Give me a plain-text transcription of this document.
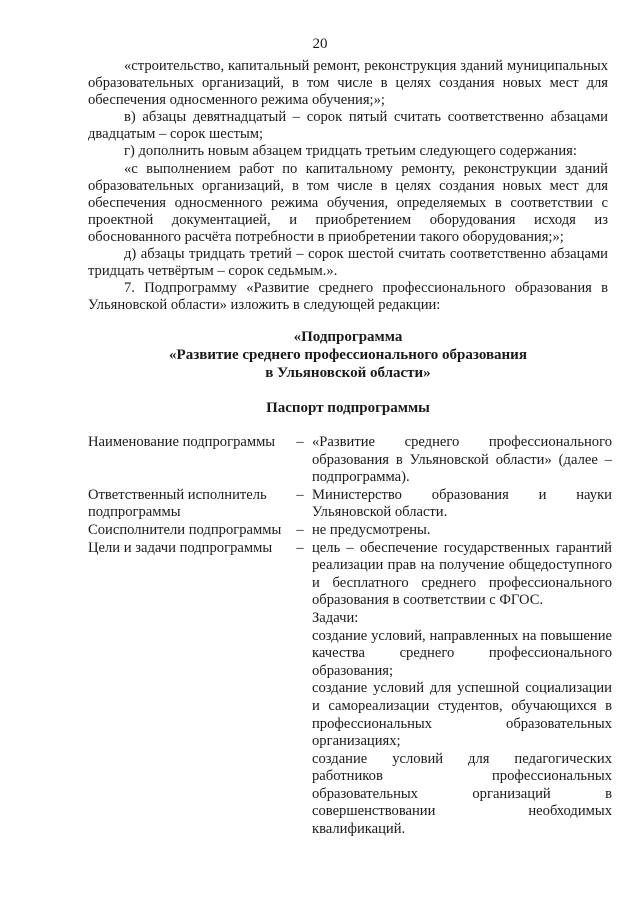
20

«строительство, капитальный ремонт, реконструкция зданий муниципальных образовательных организаций, в том числе в целях создания новых мест для обеспечения односменного режима обучения;»;

в) абзацы девятнадцатый – сорок пятый считать соответственно абзацами двадцатым – сорок шестым;

г) дополнить новым абзацем тридцать третьим следующего содержания:

«с выполнением работ по капитальному ремонту, реконструкции зданий образовательных организаций, в том числе в целях создания новых мест для обеспечения односменного режима обучения, определяемых в соответствии с проектной документацией, и приобретением оборудования исходя из обоснованного расчёта потребности в приобретении такого оборудования;»;

д) абзацы тридцать третий – сорок шестой считать соответственно абзацами тридцать четвёртым – сорок седьмым.».

7. Подпрограмму «Развитие среднего профессионального образования в Ульяновской области» изложить в следующей редакции:

«Подпрограмма
«Развитие среднего профессионального образования
в Ульяновской области»
Паспорт подпрограммы
Наименование подпрограммы	– «Развитие среднего профессионального образования в Ульяновской области» (далее – подпрограмма).

Ответственный исполнитель подпрограммы
– Министерство образования и науки Ульяновской области.

Соисполнители подпрограммы	– не предусмотрены.

Цели и задачи подпрограммы	– цель – обеспечение государственных гарантий реализации прав на получение общедоступного и бесплатного среднего профессионального образования в соответствии с ФГОС.

Задачи:

создание условий, направленных на повышение качества среднего профессионального образования;

создание условий для успешной социализации и самореализации студентов, обучающихся в профессиональных образовательных организациях;

создание условий для педагогических работников профессиональных образовательных организаций в совершенствовании необходимых квалификаций.
